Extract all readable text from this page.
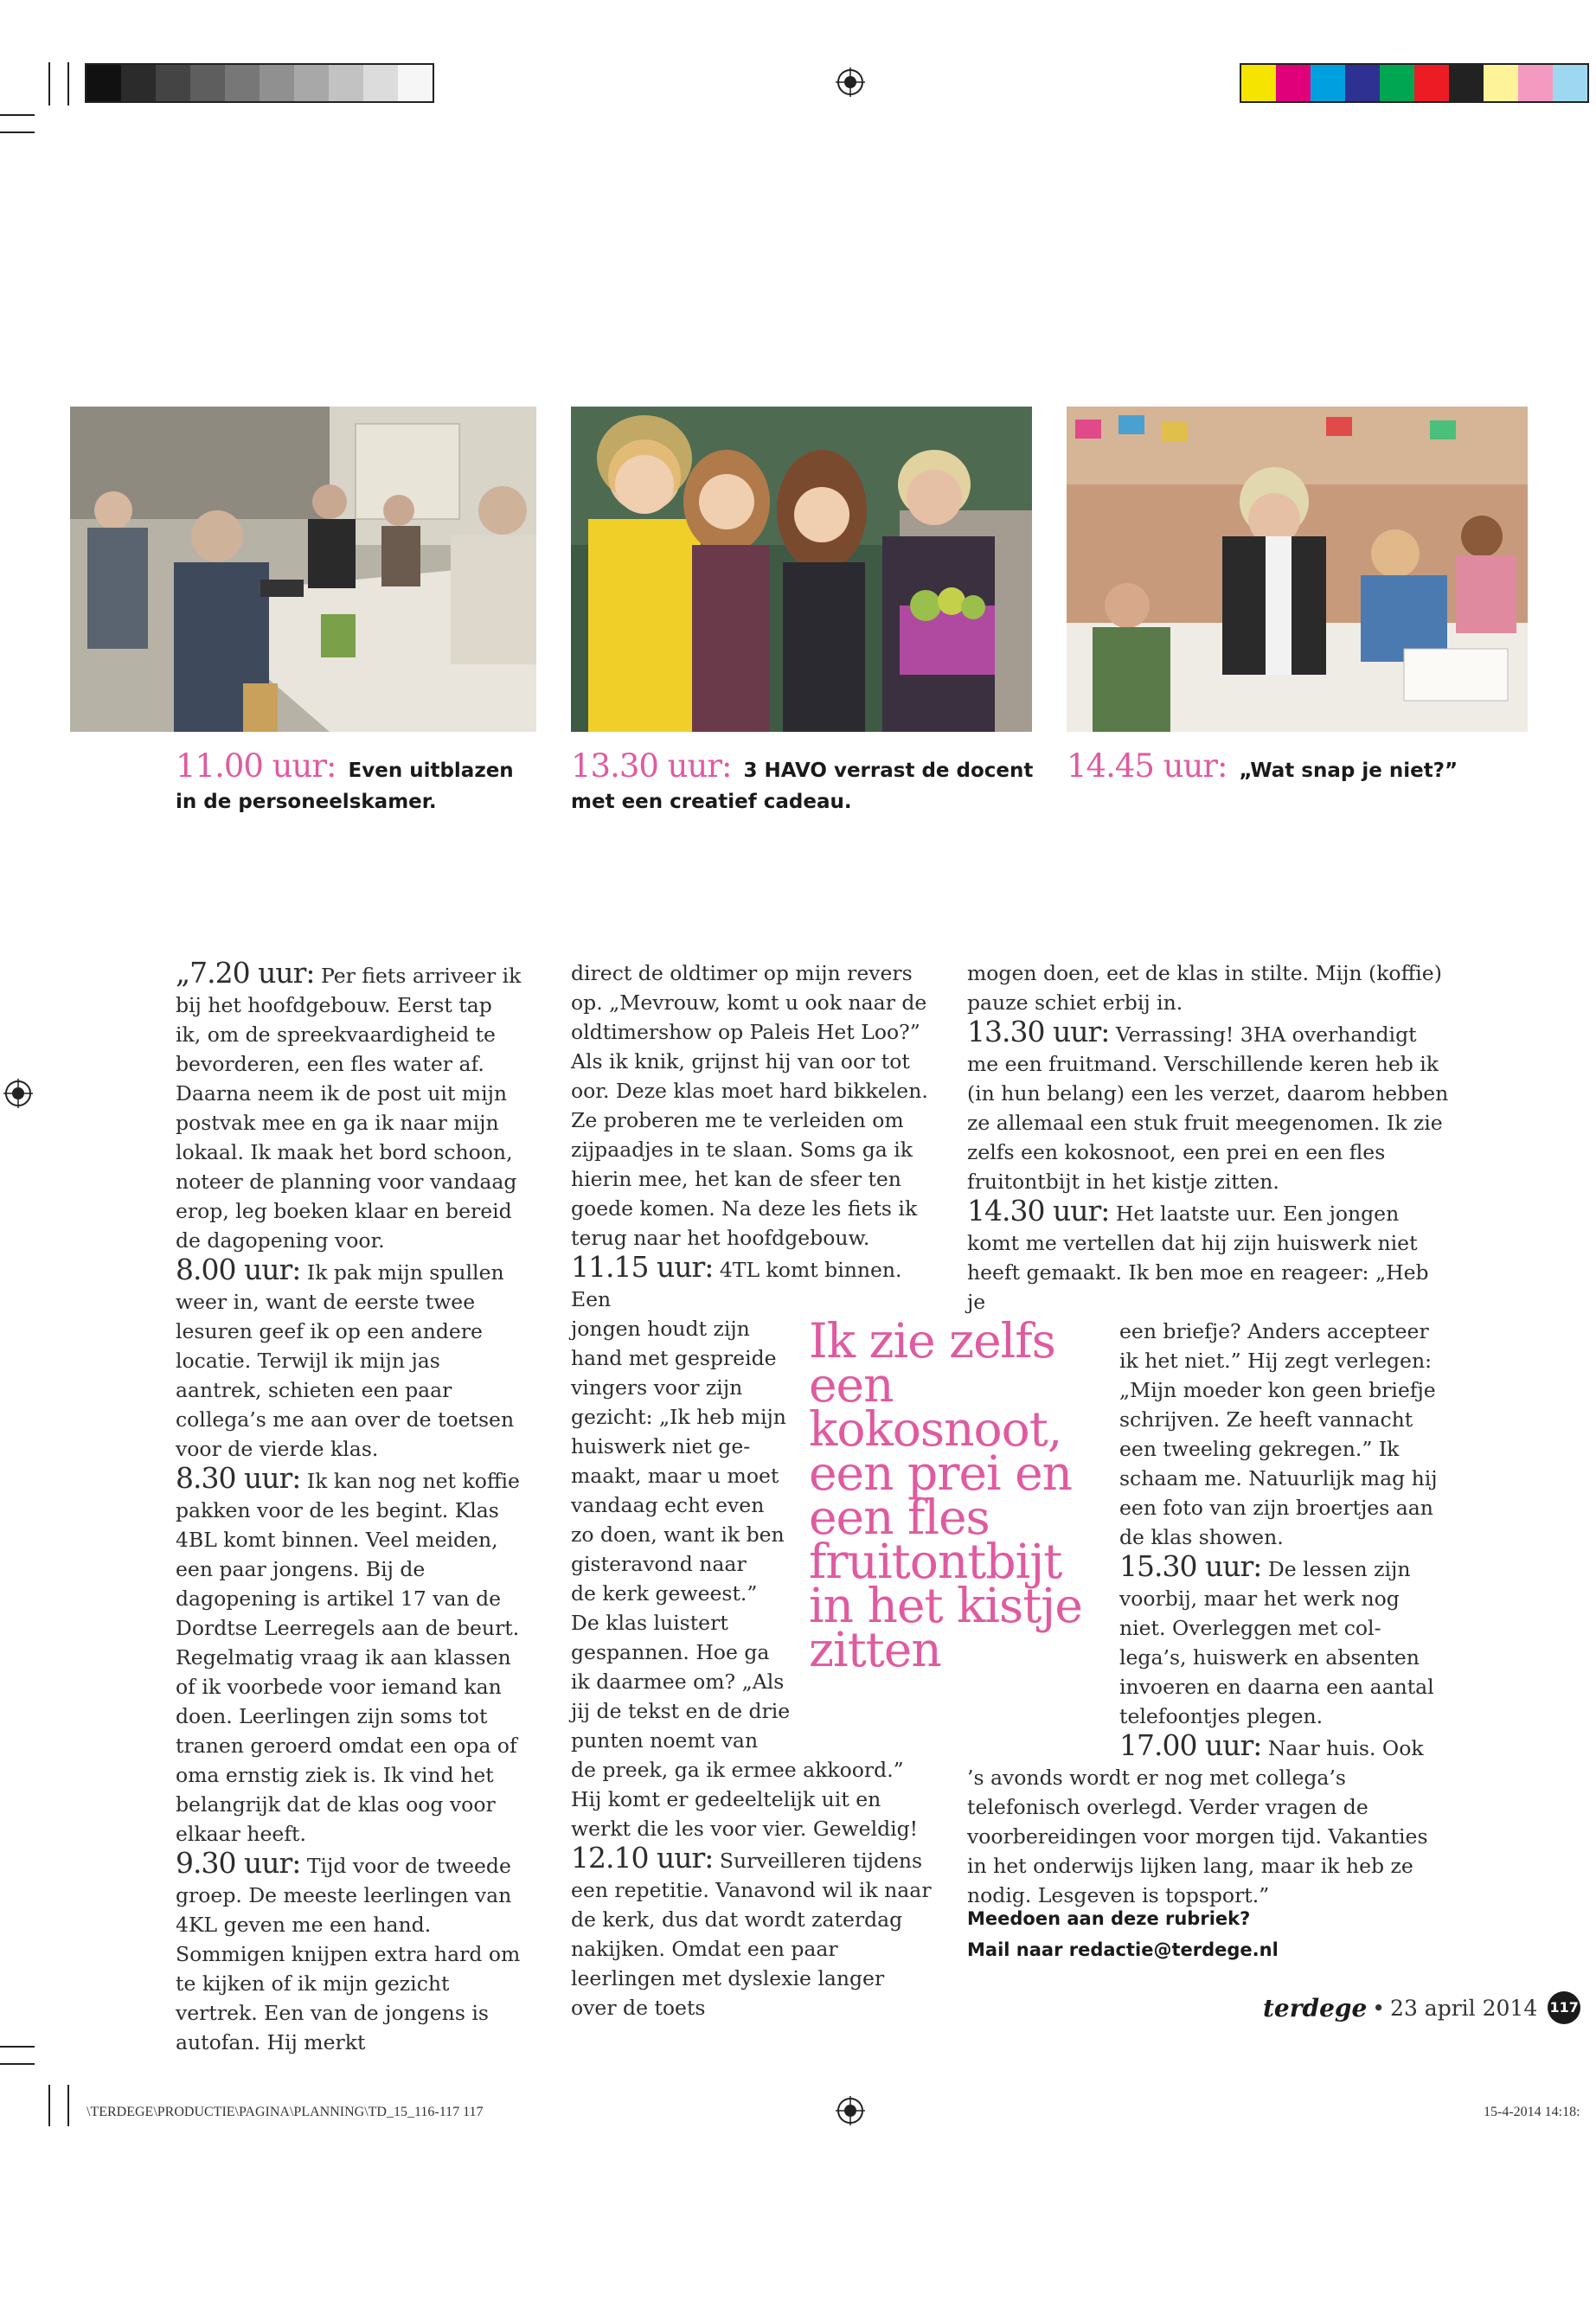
11.00 uur: Even uitblazen in de personeelskamer.
13.30 uur: 3 HAVO verrast de docent met een creatief cadeau.
14.45 uur: „Wat snap je niet?”

„7.20 uur: Per fiets arriveer ik bij het hoofdgebouw. Eerst tap ik, om de spreekvaardigheid te bevorderen, een fles water af. Daarna neem ik de post uit mijn postvak mee en ga ik naar mijn lokaal. Ik maak het bord schoon, noteer de planning voor vandaag erop, leg boeken klaar en bereid de dagopening voor.

8.00 uur: Ik pak mijn spullen weer in, want de eerste twee lesuren geef ik op een andere locatie. Terwijl ik mijn jas aantrek, schieten een paar collega’s me aan over de toetsen voor de vierde klas.

8.30 uur: Ik kan nog net koffie pakken voor de les begint. Klas 4BL komt binnen. Veel meiden, een paar jongens. Bij de dagopening is artikel 17 van de Dordtse Leerregels aan de beurt. Regelmatig vraag ik aan klassen of ik voorbede voor iemand kan doen. Leerlingen zijn soms tot tranen geroerd omdat een opa of oma ernstig ziek is. Ik vind het belangrijk dat de klas oog voor elkaar heeft.

9.30 uur: Tijd voor de tweede groep. De meeste leerlingen van 4KL geven me een hand. Sommigen knijpen extra hard om te kijken of ik mijn gezicht vertrek. Een van de jongens is autofan. Hij merkt

direct de oldtimer op mijn revers op. „Mevrouw, komt u ook naar de oldtimershow op Paleis Het Loo?” Als ik knik, grijnst hij van oor tot oor. Deze klas moet hard bikkelen. Ze proberen me te verleiden om zijpaadjes in te slaan. Soms ga ik hierin mee, het kan de sfeer ten goede komen. Na deze les fiets ik terug naar het hoofdgebouw.

11.15 uur: 4TL komt binnen. Een

jongen houdt zijn
hand met gespreide
vingers voor zijn
gezicht: „Ik heb mijn
huiswerk niet ge-
maakt, maar u moet
vandaag echt even
zo doen, want ik ben
gisteravond naar
de kerk geweest.”
De klas luistert
gespannen. Hoe ga
ik daarmee om? „Als
jij de tekst en de drie
punten noemt van

de preek, ga ik ermee akkoord.” Hij komt er gedeeltelijk uit en werkt die les voor vier. Geweldig!

12.10 uur: Surveilleren tijdens een repetitie. Vanavond wil ik naar de kerk, dus dat wordt zaterdag nakijken. Omdat een paar leerlingen met dyslexie langer over de toets

Ik zie zelfs een kokosnoot, een prei en een fles fruitontbijt in het kistje zitten

mogen doen, eet de klas in stilte. Mijn (koffie) pauze schiet erbij in.

13.30 uur: Verrassing! 3HA overhandigt me een fruitmand. Verschillende keren heb ik (in hun belang) een les verzet, daarom hebben ze allemaal een stuk fruit meegenomen. Ik zie zelfs een kokosnoot, een prei en een fles fruitontbijt in het kistje zitten.

14.30 uur: Het laatste uur. Een jongen komt me vertellen dat hij zijn huiswerk niet heeft gemaakt. Ik ben moe en reageer: „Heb je

een briefje? Anders accepteer
ik het niet.” Hij zegt verlegen:
„Mijn moeder kon geen briefje
schrijven. Ze heeft vannacht
een tweeling gekregen.” Ik
schaam me. Natuurlijk mag hij
een foto van zijn broertjes aan
de klas showen.
15.30 uur: De lessen zijn
voorbij, maar het werk nog
niet. Overleggen met col-
lega’s, huiswerk en absenten
invoeren en daarna een aantal
telefoontjes plegen.
17.00 uur: Naar huis. Ook

’s avonds wordt er nog met collega’s telefonisch overlegd. Verder vragen de voorbereidingen voor morgen tijd. Vakanties in het onderwijs lijken lang, maar ik heb ze nodig. Lesgeven is topsport.”

Meedoen aan deze rubriek?
Mail naar redactie@terdege.nl
terdege • 23 april 2014 117
\TERDEGE\PRODUCTIE\PAGINA\PLANNING\TD_15_116-117 117	15-4-2014 14:18:
